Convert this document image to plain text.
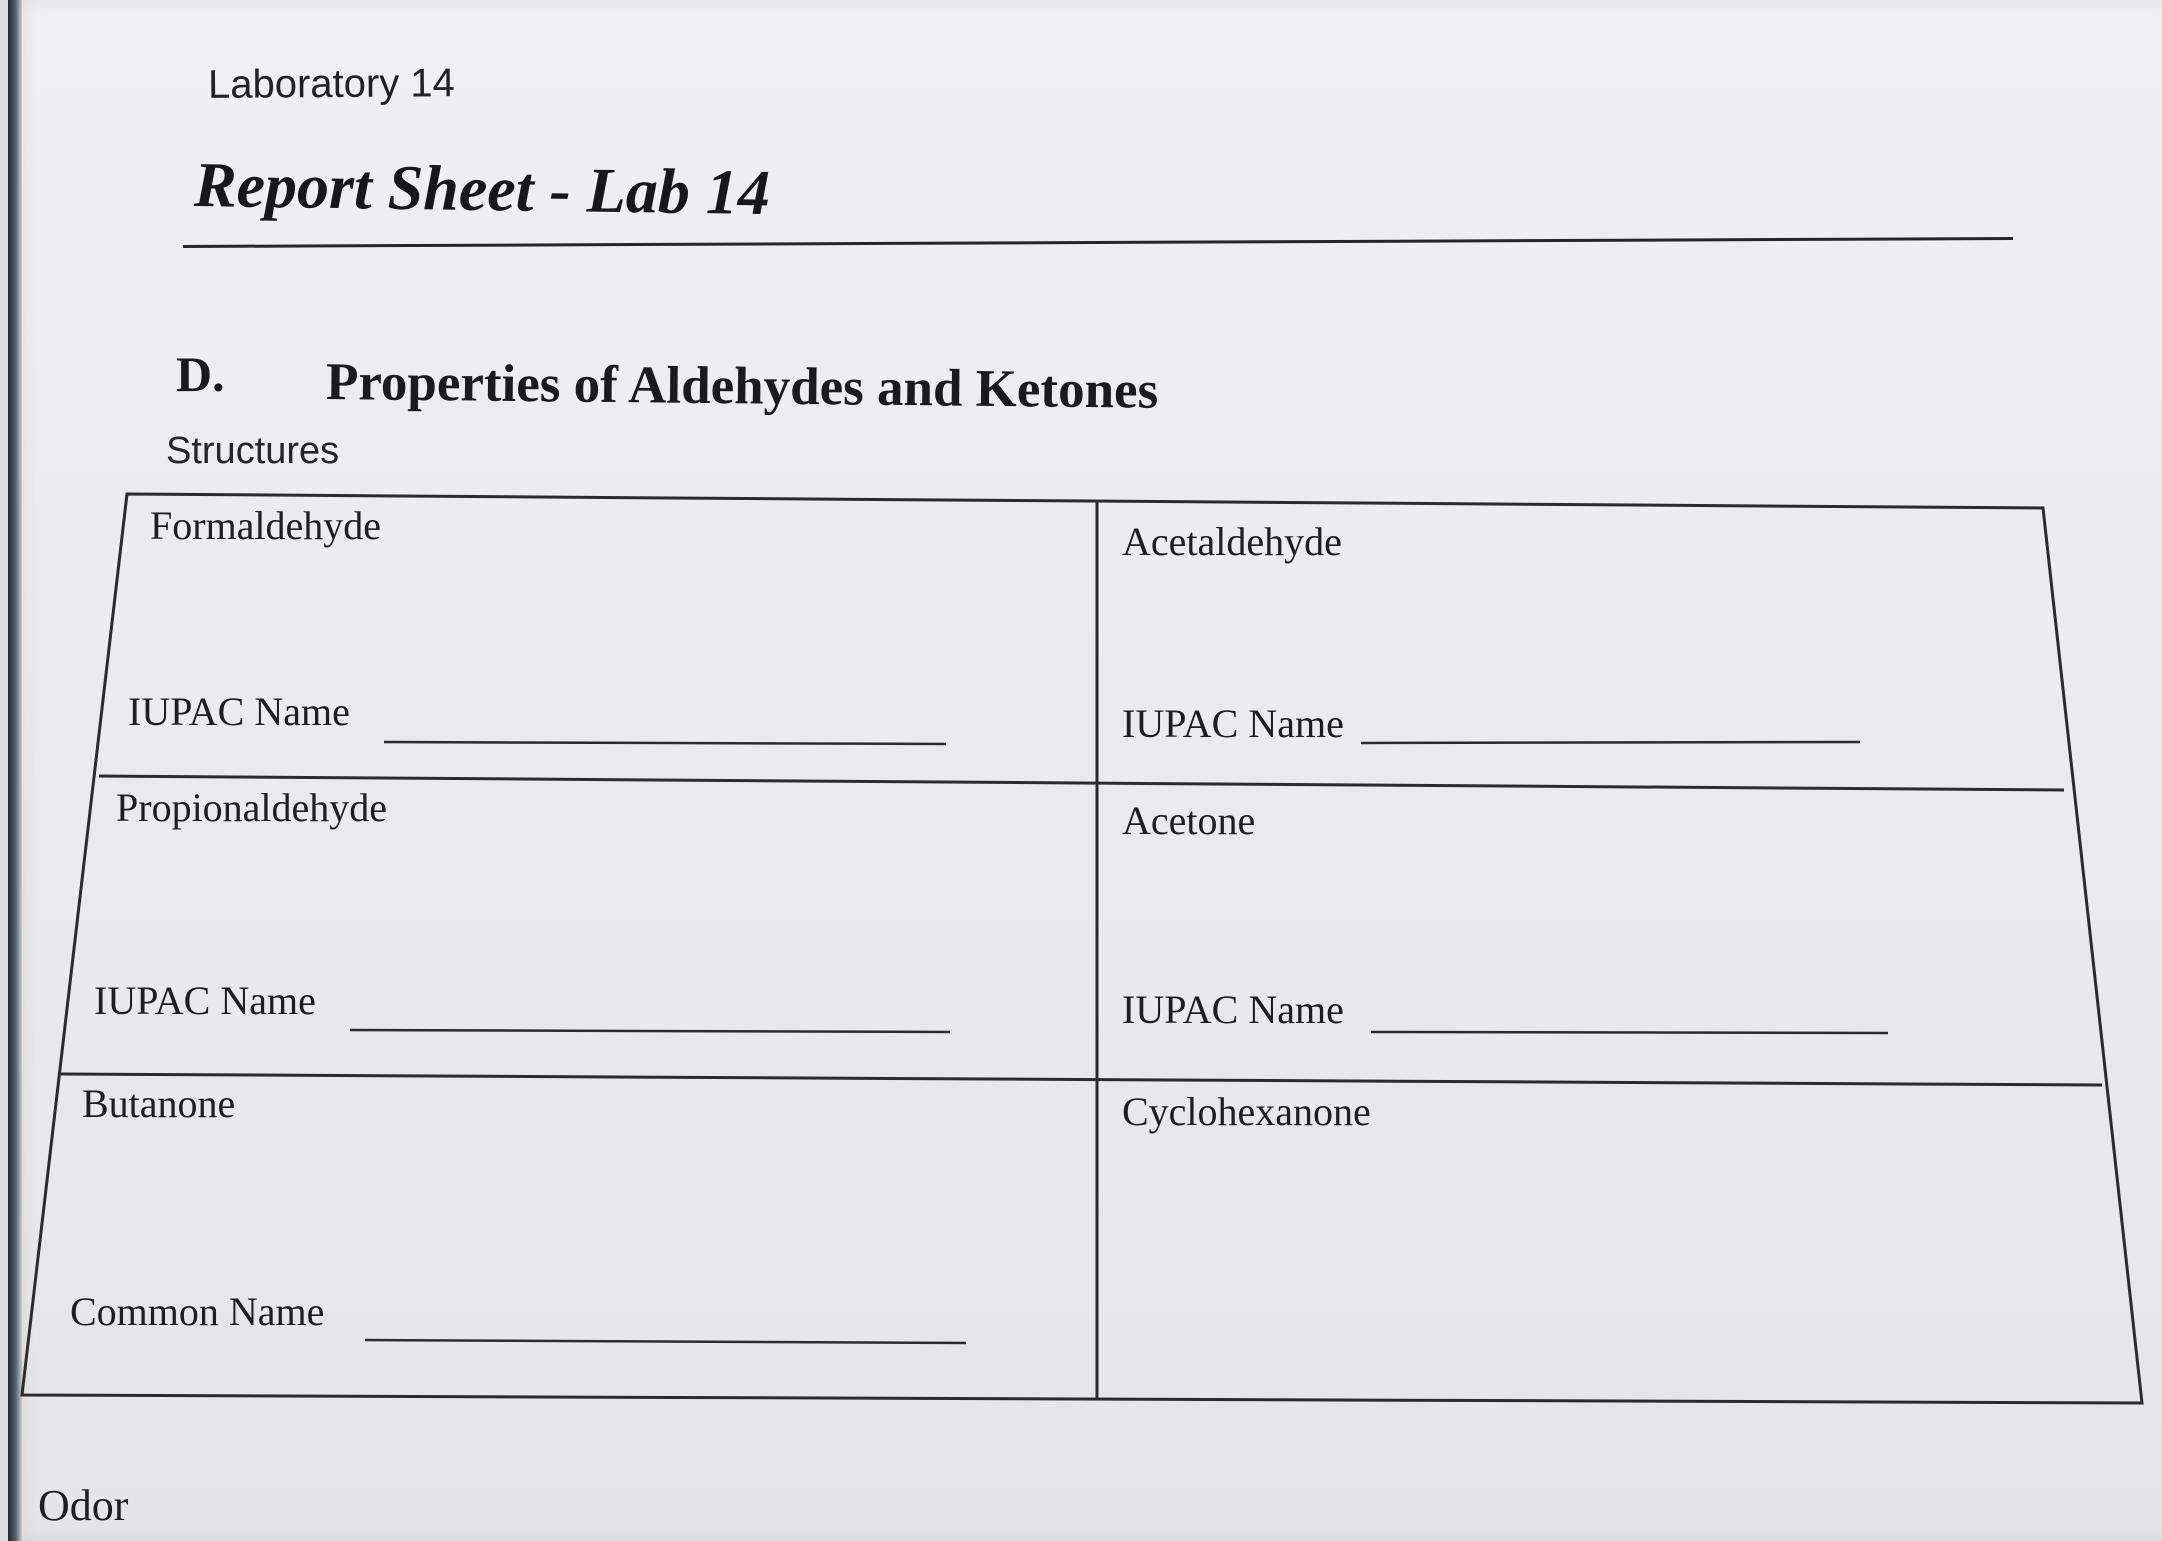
Laboratory 14
Report Sheet - Lab 14
D. Properties of Aldehydes and Ketones
Structures
Formaldehyde
IUPAC Name
Acetaldehyde
IUPAC Name
Propionaldehyde
IUPAC Name
Acetone
IUPAC Name
Butanone
Common Name
Cyclohexanone
Odor
